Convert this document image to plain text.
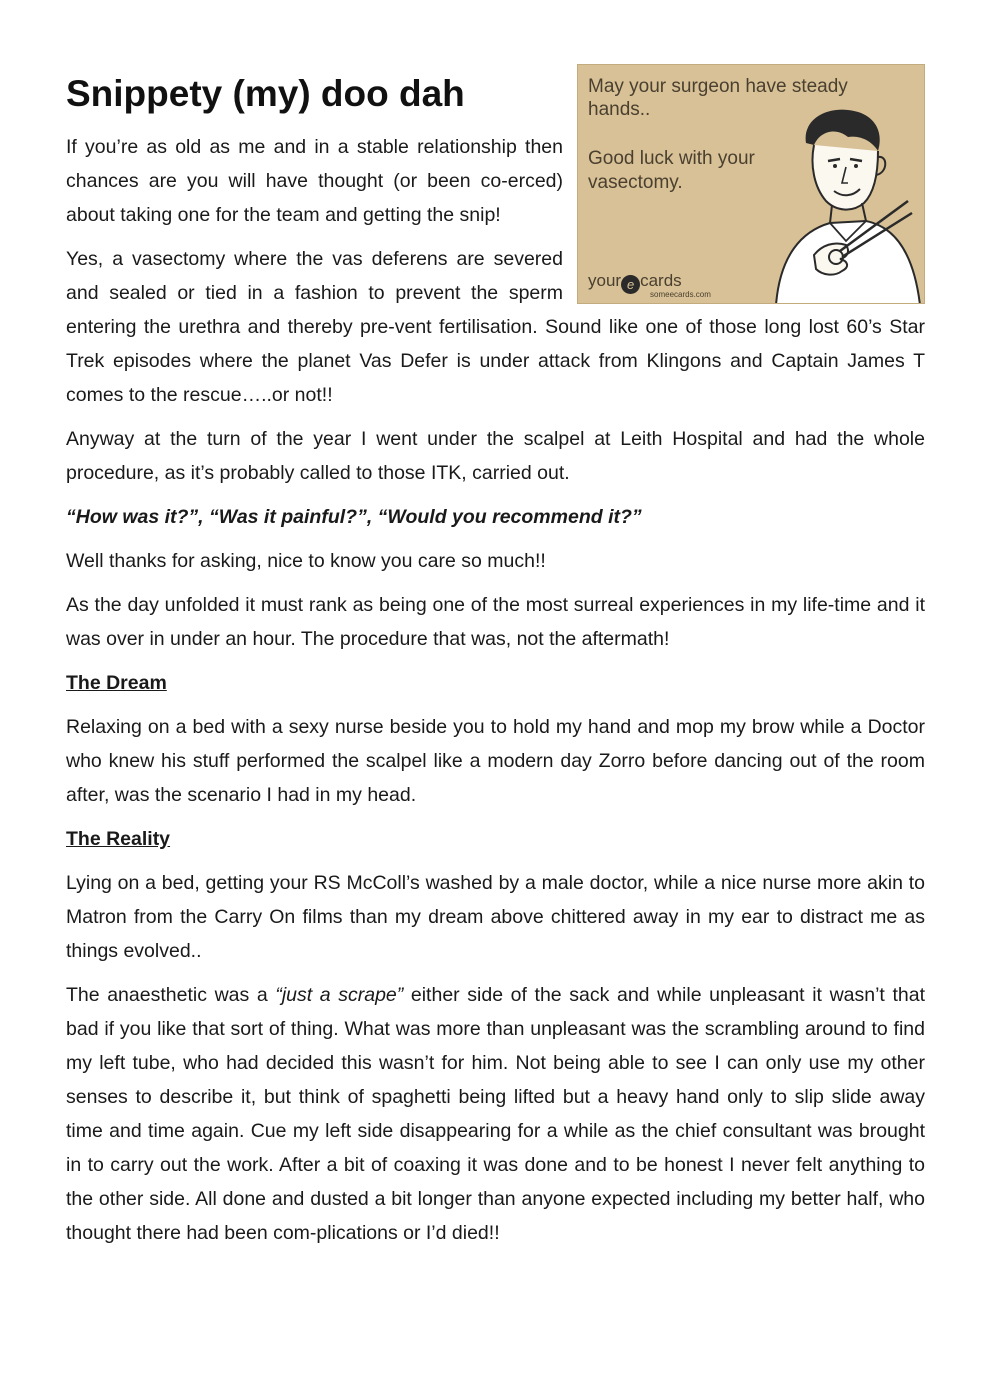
May your surgeon have steady hands..
Good luck with your vasectomy.
your e cards
someecards.com
Snippety (my) doo dah

If you’re as old as me and in a stable relationship then chances are you will have thought (or been co-erced) about taking one for the team and getting the snip!

Yes, a vasectomy where the vas deferens are severed and sealed or tied in a fashion to prevent the sperm entering the urethra and thereby pre-vent fertilisation. Sound like one of those long lost 60’s Star Trek episodes where the planet Vas Defer is under attack from Klingons and Captain James T comes to the rescue…..or not!!

Anyway at the turn of the year I went under the scalpel at Leith Hospital and had the whole procedure, as it’s probably called to those ITK, carried out.

“How was it?”, “Was it painful?”, “Would you recommend it?”

Well thanks for asking, nice to know you care so much!!

As the day unfolded it must rank as being one of the most surreal experiences in my life-time and it was over in under an hour. The procedure that was, not the aftermath!

The Dream

Relaxing on a bed with a sexy nurse beside you to hold my hand and mop my brow while a Doctor who knew his stuff performed the scalpel like a modern day Zorro before dancing out of the room after, was the scenario I had in my head.

The Reality

Lying on a bed, getting your RS McColl’s washed by a male doctor, while a nice nurse more akin to Matron from the Carry On films than my dream above chittered away in my ear to distract me as things evolved..

The anaesthetic was a “just a scrape” either side of the sack and while unpleasant it wasn’t that bad if you like that sort of thing. What was more than unpleasant was the scrambling around to find my left tube, who had decided this wasn’t for him. Not being able to see I can only use my other senses to describe it, but think of spaghetti being lifted but a heavy hand only to slip slide away time and time again. Cue my left side disappearing for a while as the chief consultant was brought in to carry out the work. After a bit of coaxing it was done and to be honest I never felt anything to the other side. All done and dusted a bit longer than anyone expected including my better half, who thought there had been com-plications or I’d died!!
